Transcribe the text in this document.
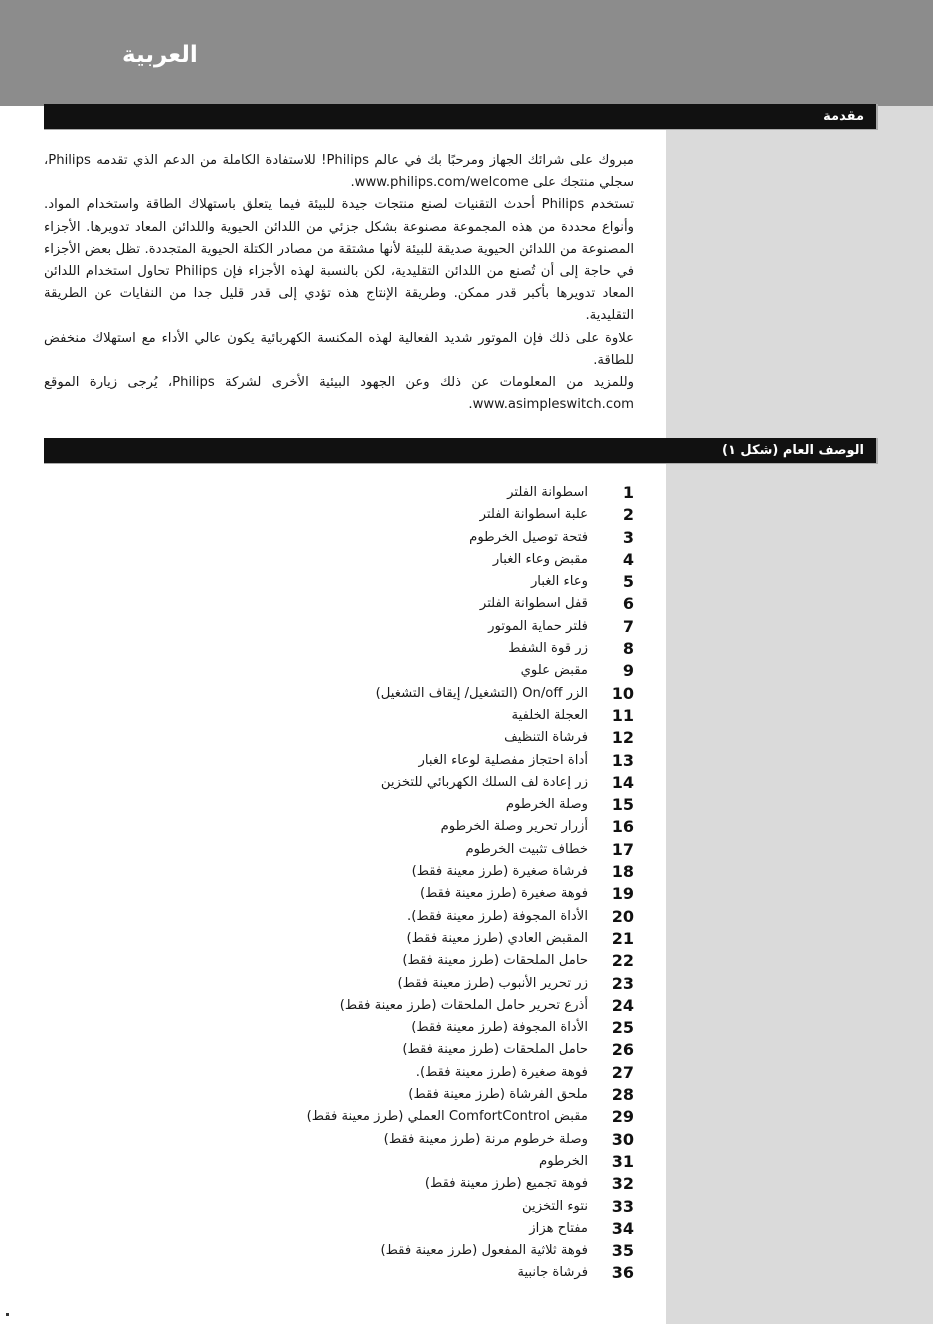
العربية
مقدمة

مبروك على شرائك الجهاز ومرحبًا بك في عالم Philips! للاستفادة الكاملة من الدعم الذي تقدمه Philips، سجلي منتجك على www.philips.com/welcome.

تستخدم Philips أحدث التقنيات لصنع منتجات جيدة للبيئة فيما يتعلق باستهلاك الطاقة واستخدام المواد. وأنواع محددة من هذه المجموعة مصنوعة بشكل جزئي من اللدائن الحيوية واللدائن المعاد تدويرها. الأجزاء المصنوعة من اللدائن الحيوية صديقة للبيئة لأنها مشتقة من مصادر الكتلة الحيوية المتجددة. تظل بعض الأجزاء في حاجة إلى أن تُصنع من اللدائن التقليدية، لكن بالنسبة لهذه الأجزاء فإن Philips تحاول استخدام اللدائن المعاد تدويرها بأكبر قدر ممكن. وطريقة الإنتاج هذه تؤدي إلى قدر قليل جدا من النفايات عن الطريقة التقليدية.

علاوة على ذلك فإن الموتور شديد الفعالية لهذه المكنسة الكهربائية يكون عالي الأداء مع استهلاك منخفض للطاقة.

وللمزيد من المعلومات عن ذلك وعن الجهود البيئية الأخرى لشركة Philips، يُرجى زيارة الموقع www.asimpleswitch.com.

الوصف العام (شكل ١)
1
اسطوانة الفلتر
2
علبة اسطوانة الفلتر
3
فتحة توصيل الخرطوم
4
مقبض وعاء الغبار
5
وعاء الغبار
6
قفل اسطوانة الفلتر
7
فلتر حماية الموتور
8
زر قوة الشفط
9
مقبض علوي
10
الزر On/off (التشغيل/ إيقاف التشغيل)
11
العجلة الخلفية
12
فرشاة التنظيف
13
أداة احتجاز مفصلية لوعاء الغبار
14
زر إعادة لف السلك الكهربائي للتخزين
15
وصلة الخرطوم
16
أزرار تحرير وصلة الخرطوم
17
خطاف تثبيت الخرطوم
18
فرشاة صغيرة (طرز معينة فقط)
19
فوهة صغيرة (طرز معينة فقط)
20
الأداة المجوفة (طرز معينة فقط).
21
المقبض العادي (طرز معينة فقط)
22
حامل الملحقات (طرز معينة فقط)
23
زر تحرير الأنبوب (طرز معينة فقط)
24
أذرع تحرير حامل الملحقات (طرز معينة فقط)
25
الأداة المجوفة (طرز معينة فقط)
26
حامل الملحقات (طرز معينة فقط)
27
فوهة صغيرة (طرز معينة فقط).
28
ملحق الفرشاة (طرز معينة فقط)
29
مقبض ComfortControl العملي (طرز معينة فقط)
30
وصلة خرطوم مرنة (طرز معينة فقط)
31
الخرطوم
32
فوهة تجميع (طرز معينة فقط)
33
نتوء التخزين
34
مفتاح هزاز
35
فوهة ثلاثية المفعول (طرز معينة فقط)
36
فرشاة جانبية
